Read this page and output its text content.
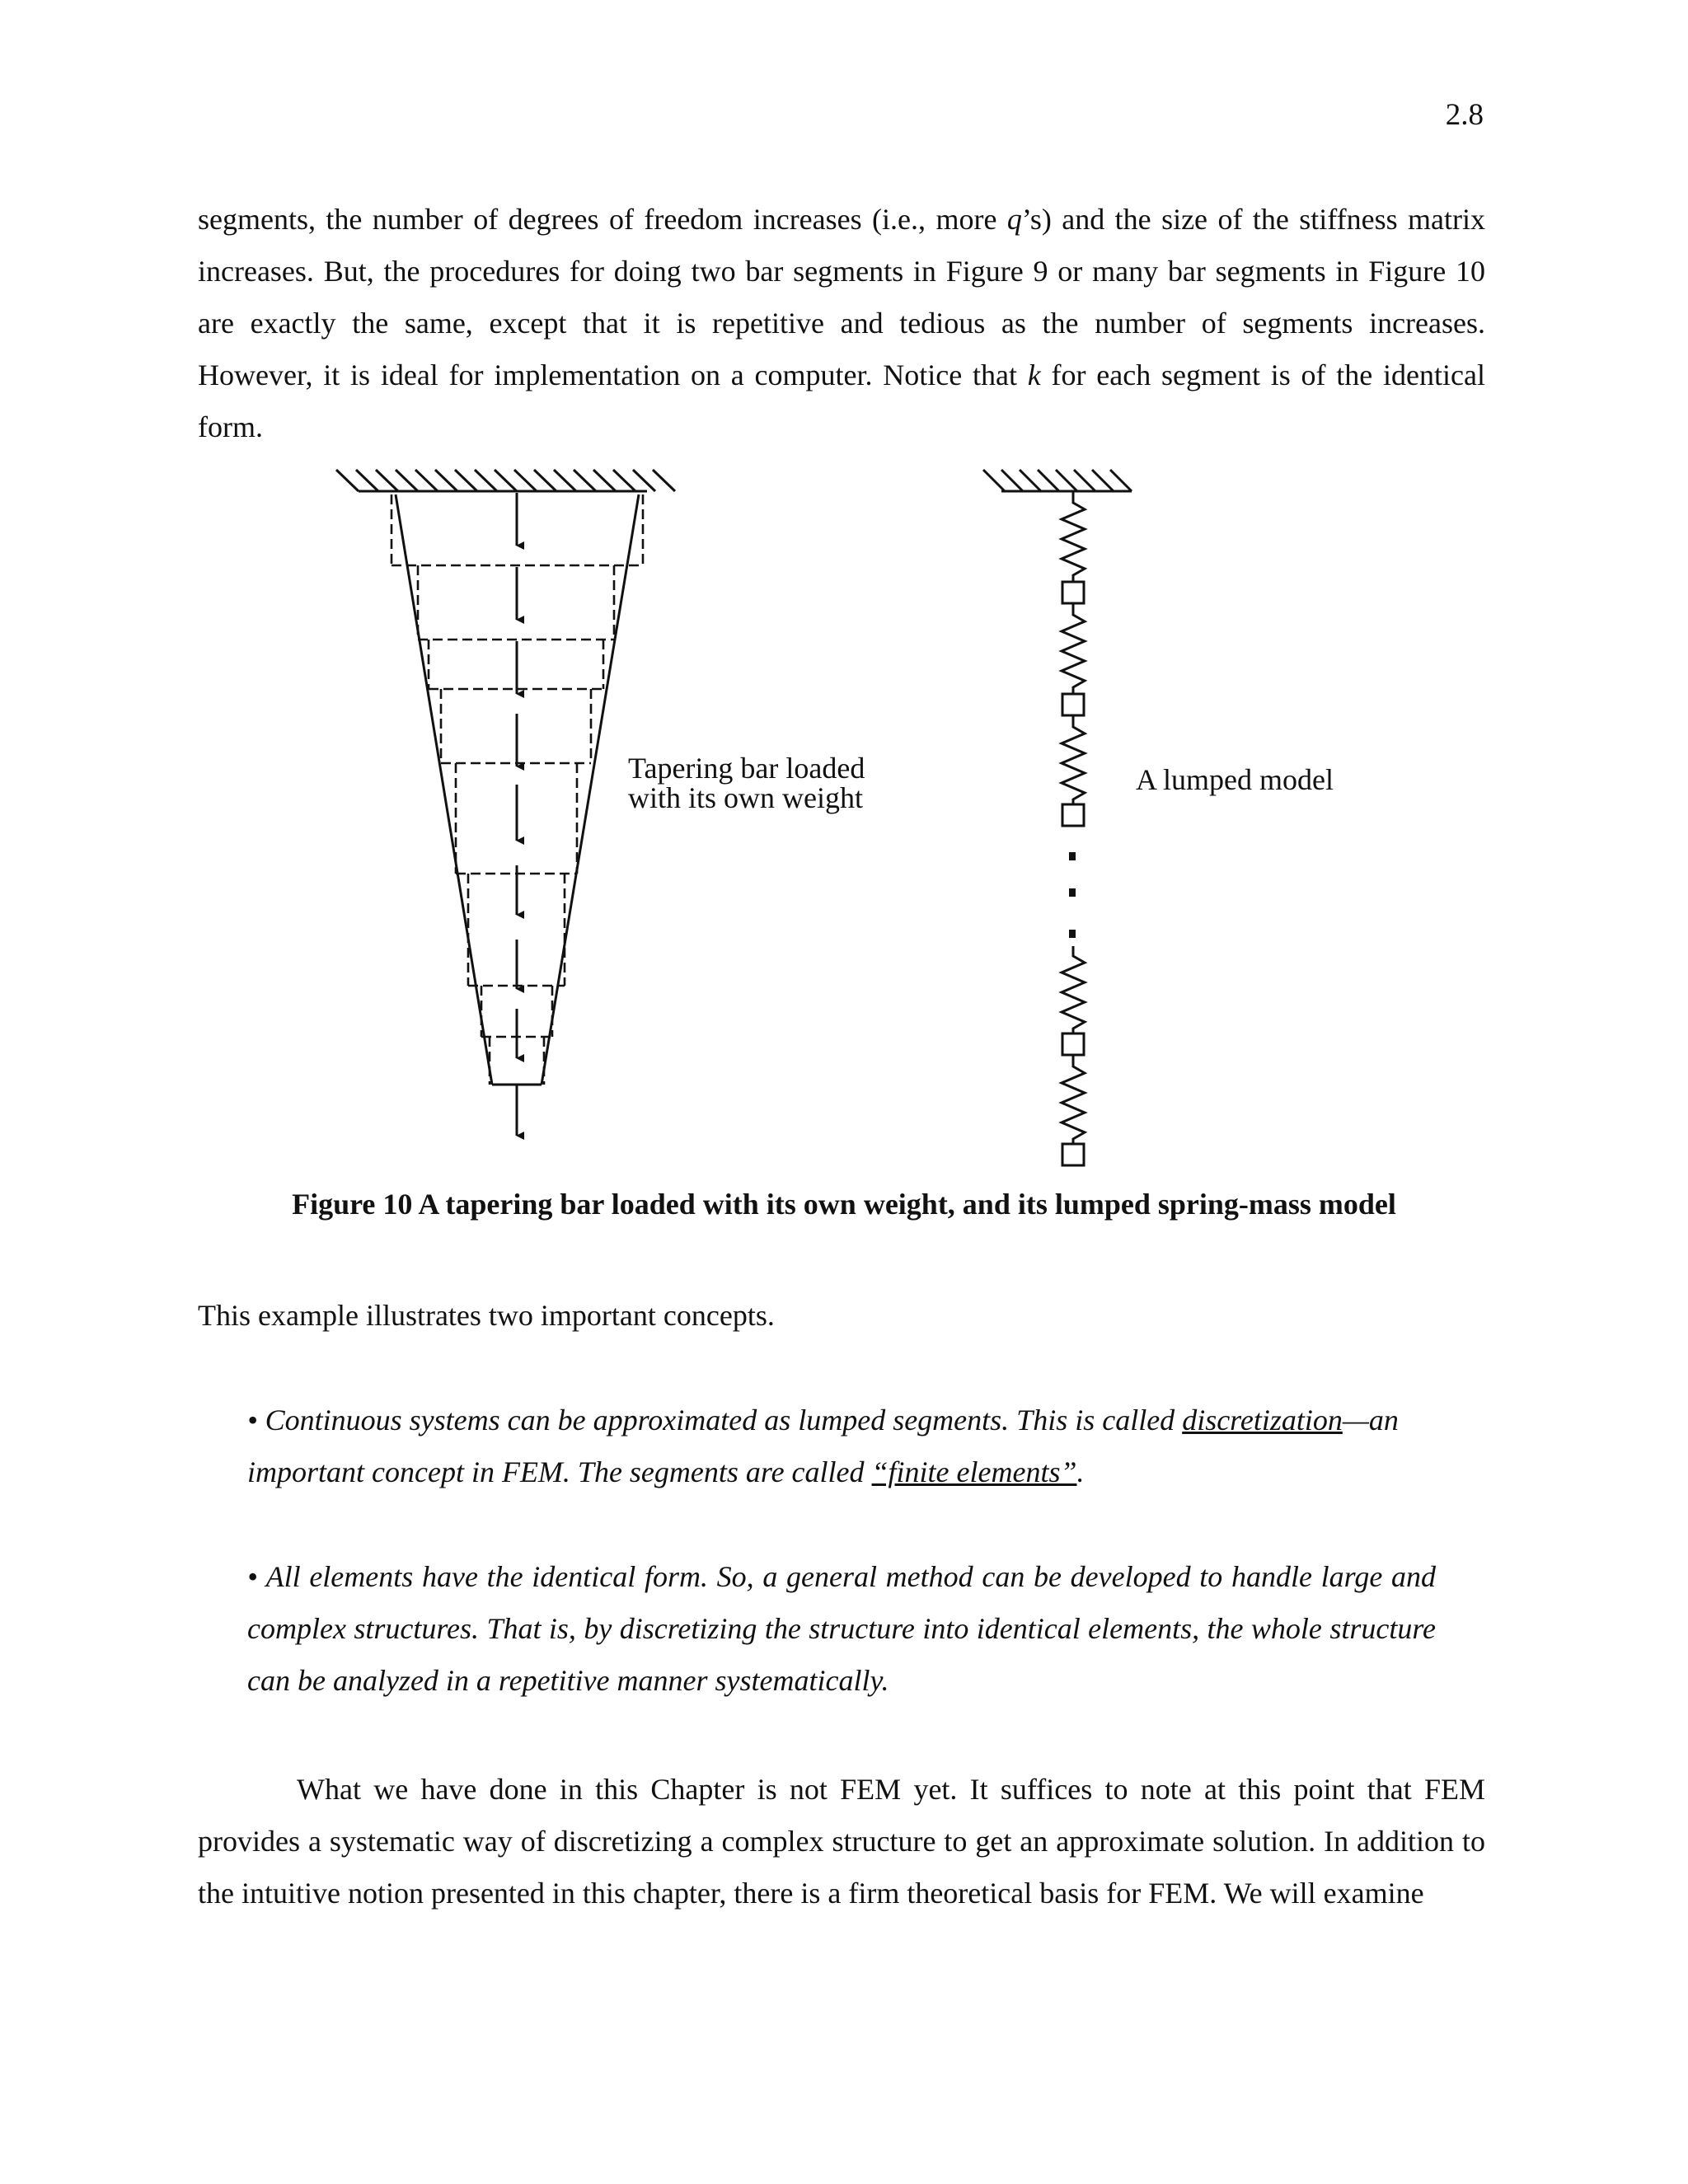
2.8

segments, the number of degrees of freedom increases (i.e., more q’s) and the size of the stiffness matrix

increases. But, the procedures for doing two bar segments in Figure 9 or many bar segments in Figure 10

are exactly the same, except that it is repetitive and tedious as the number of segments increases.

However, it is ideal for implementation on a computer. Notice that k for each segment is of the identical

form.

Tapering bar loaded
with its own weight
A lumped model
Figure 10 A tapering bar loaded with its own weight, and its lumped spring-mass model

This example illustrates two important concepts.

• Continuous systems can be approximated as lumped segments. This is called discretization—an important concept in FEM. The segments are called “finite elements”.

• All elements have the identical form. So, a general method can be developed to handle large and complex structures. That is, by discretizing the structure into identical elements, the whole structure can be analyzed in a repetitive manner systematically.

What we have done in this Chapter is not FEM yet. It suffices to note at this point that FEM provides a systematic way of discretizing a complex structure to get an approximate solution. In addition to the intuitive notion presented in this chapter, there is a firm theoretical basis for FEM. We will examine
